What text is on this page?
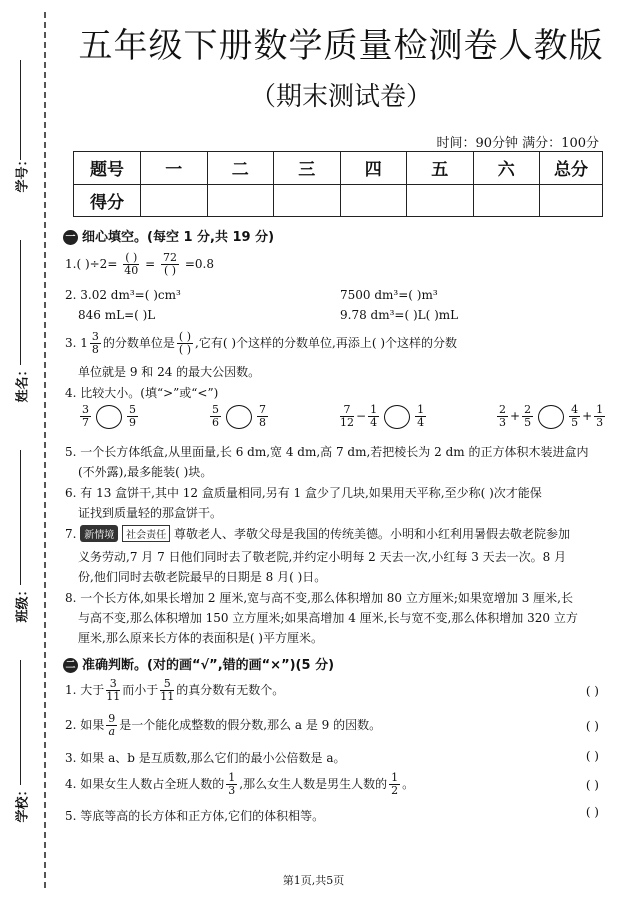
学号：
姓名：
班级：
学校：
五年级下册数学质量检测卷人教版
（期末测试卷）
时间：90分钟 满分：100分
题号	一	二	三	四	五	六	总分
得分							
一 细心填空。(每空 1 分,共 19 分)
1.( )÷2= ( )
40 = 72
( ) =0.8
2. 3.02 dm³=( )cm³	7500 dm³=( )m³
846 mL=( )L	9.78 dm³=( )L( )mL
3. $1 \frac{3}{8}$ 的分数单位是 ( )
( ) ,它有( )个这样的分数单位,再添上( )个这样的分数
单位就是 9 和 24 的最大公因数。
4. 比较大小。(填“>”或“<”)
$\frac{3}{7}$	$\frac{5}{9}$	$\frac{5}{6}$	$\frac{7}{8}$	$\frac{7}{12} - \frac{1}{4}$	$\frac{1}{4}$	$\frac{2}{3} + \frac{2}{5}$	$\frac{4}{5} + \frac{1}{3}$
5. 一个长方体纸盒,从里面量,长 6 dm,宽 4 dm,高 7 dm,若把棱长为 2 dm 的正方体积木装进盒内
(不外露),最多能装( )块。
6. 有 13 盒饼干,其中 12 盒质量相同,另有 1 盒少了几块,如果用天平称,至少称( )次才能保
证找到质量轻的那盒饼干。
7. 新情境 社会责任 尊敬老人、孝敬父母是我国的传统美德。小明和小红利用暑假去敬老院参加
义务劳动,7 月 7 日他们同时去了敬老院,并约定小明每 2 天去一次,小红每 3 天去一次。8 月
份,他们同时去敬老院最早的日期是 8 月( )日。
8. 一个长方体,如果长增加 2 厘米,宽与高不变,那么体积增加 80 立方厘米;如果宽增加 3 厘米,长
与高不变,那么体积增加 150 立方厘米;如果高增加 4 厘米,长与宽不变,那么体积增加 320 立方
厘米,那么原来长方体的表面积是( )平方厘米。
二 准确判断。(对的画“√”,错的画“×”)(5 分)
1. 大于 $\frac{3}{11}$ 而小于 $\frac{5}{11}$ 的真分数有无数个。	( )
2. 如果 $\frac{9}{a}$ 是一个能化成整数的假分数,那么 a 是 9 的因数。	( )
3. 如果 a、b 是互质数,那么它们的最小公倍数是 a。	( )
4. 如果女生人数占全班人数的 $\frac{1}{3}$ ,那么女生人数是男生人数的 $\frac{1}{2}$ 。	( )
5. 等底等高的长方体和正方体,它们的体积相等。	( )
第1页,共5页
